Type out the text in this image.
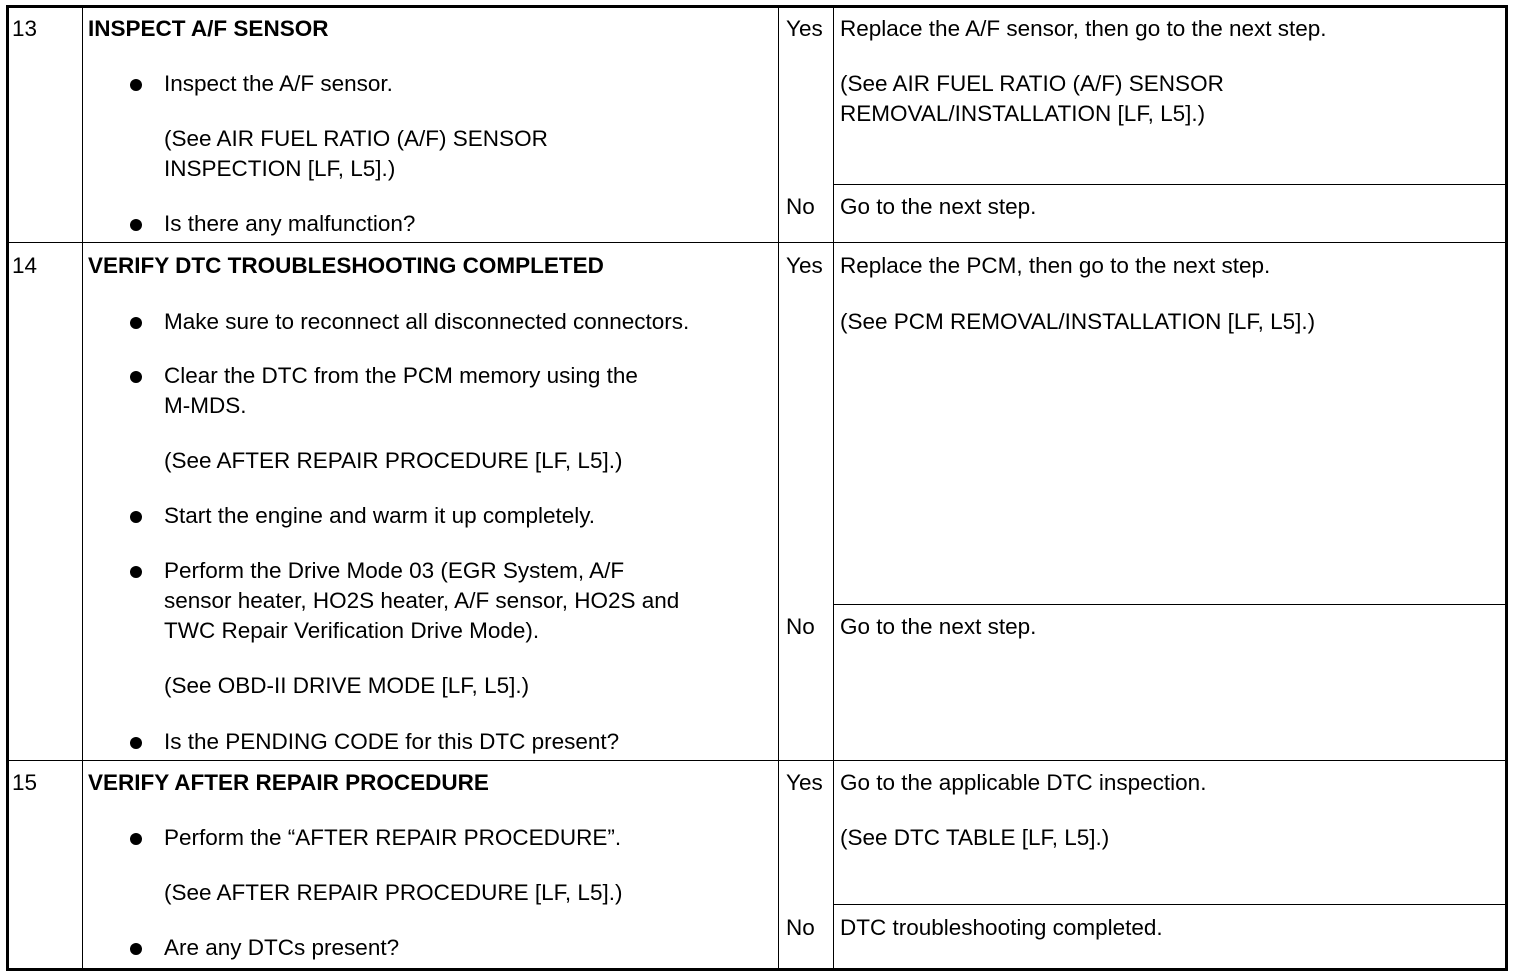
13 INSPECT A/F SENSOR
Inspect the A/F sensor.
(See AIR FUEL RATIO (A/F) SENSOR
INSPECTION [LF, L5].)
Is there any malfunction?
Yes Replace the A/F sensor, then go to the next step.
(See AIR FUEL RATIO (A/F) SENSOR
REMOVAL/INSTALLATION [LF, L5].)
No Go to the next step.
14 VERIFY DTC TROUBLESHOOTING COMPLETED
Make sure to reconnect all disconnected connectors.
Clear the DTC from the PCM memory using the
M-MDS.
(See AFTER REPAIR PROCEDURE [LF, L5].)
Start the engine and warm it up completely.
Perform the Drive Mode 03 (EGR System, A/F
sensor heater, HO2S heater, A/F sensor, HO2S and
TWC Repair Verification Drive Mode).
(See OBD-II DRIVE MODE [LF, L5].)
Is the PENDING CODE for this DTC present?
Yes Replace the PCM, then go to the next step.
(See PCM REMOVAL/INSTALLATION [LF, L5].)
No Go to the next step.
15 VERIFY AFTER REPAIR PROCEDURE
Perform the “AFTER REPAIR PROCEDURE”.
(See AFTER REPAIR PROCEDURE [LF, L5].)
Are any DTCs present?
Yes Go to the applicable DTC inspection.
(See DTC TABLE [LF, L5].)
No DTC troubleshooting completed.
